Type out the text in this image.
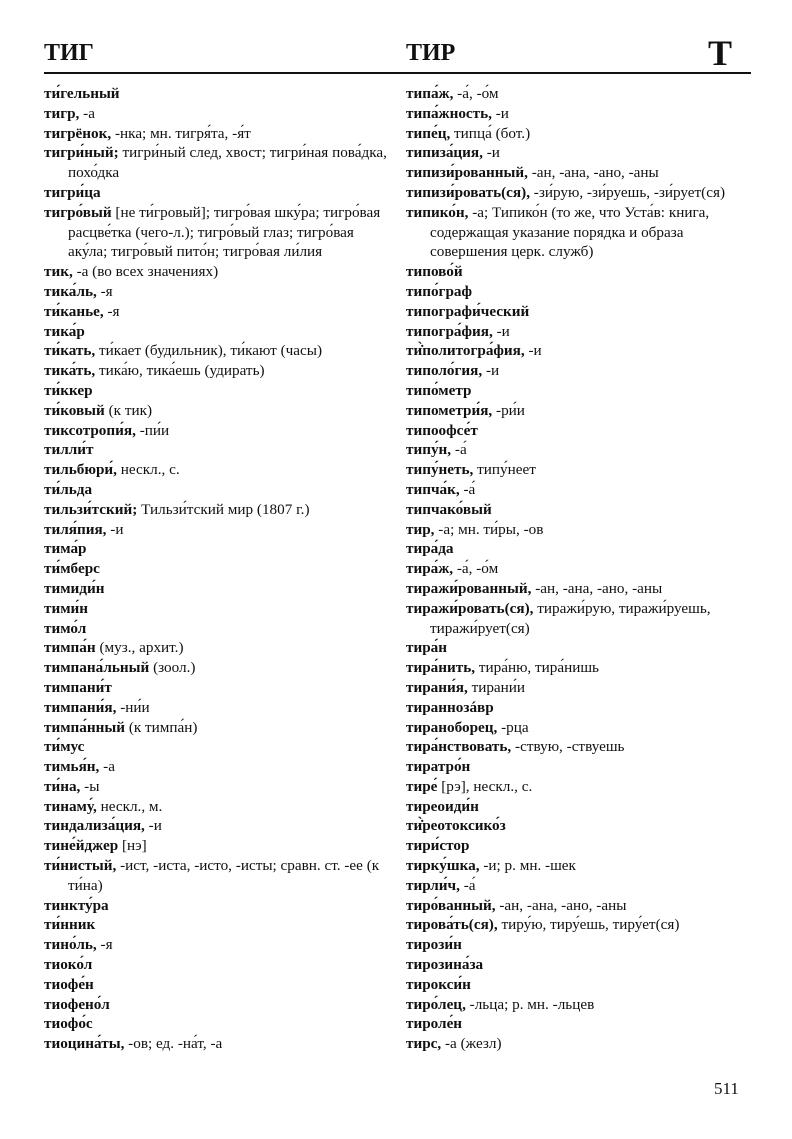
ТИГ	ТИР	Т
ти́гельный
тигр, -а
тигрёнок, -нка; мн. тигря́та, -я́т
тигри́ный; тигри́ный след, хвост; тигри́ная пова́дка, похо́дка
тигри́ца
тигро́вый [не ти́гровый]; тигро́вая шку́ра; тигро́вая расцве́тка (чего-л.); тигро́вый глаз; тигро́вая аку́ла; тигро́вый пито́н; тигро́вая ли́лия
тик, -а (во всех значениях)
тика́ль, -я
ти́канье, -я
тика́р
ти́кать, ти́кает (будильник), ти́кают (часы)
тика́ть, тика́ю, тика́ешь (удирать)
ти́ккер
ти́ковый (к тик)
тиксотропи́я, -пи́и
тилли́т
тильбюри́, нескл., с.
ти́льда
тильзи́тский; Тильзи́тский мир (1807 г.)
тиля́пия, -и
тима́р
ти́мберс
тимиди́н
тими́н
тимо́л
тимпа́н (муз., архит.)
тимпана́льный (зоол.)
тимпани́т
тимпани́я, -ни́и
тимпа́нный (к тимпа́н)
ти́мус
тимья́н, -а
ти́на, -ы
тинаму́, нескл., м.
тиндализа́ция, -и
тине́йджер [нэ]
ти́нистый, -ист, -иста, -исто, -исты; сравн. ст. -ее (к ти́на)
тинкту́ра
ти́нник
тино́ль, -я
тиоко́л
тиофе́н
тиофено́л
тиофо́с
тиоцина́ты, -ов; ед. -на́т, -а
типа́ж, -а́, -о́м
типа́жность, -и
типе́ц, типца́ (бот.)
типиза́ция, -и
типизи́рованный, -ан, -ана, -ано, -аны
типизи́ровать(ся), -зи́рую, -зи́руешь, -зи́рует(ся)
типико́н, -а; Типико́н (то же, что Уста́в: книга, содержащая указание порядка и образа совершения церк. служб)
типово́й
типо́граф
типографи́ческий
типогра́фия, -и
ти̇̀политогра́фия, -и
типоло́гия, -и
типо́метр
типометри́я, -ри́и
типоофсе́т
типу́н, -а́
типу́неть, типу́неет
типча́к, -а́
типчако́вый
тир, -а; мн. ти́ры, -ов
тира́да
тира́ж, -а́, -о́м
тиражи́рованный, -ан, -ана, -ано, -аны
тиражи́ровать(ся), тиражи́рую, тиражи́руешь, тиражи́рует(ся)
тира́н
тира́нить, тира́ню, тира́нишь
тирани́я, тирани́и
тираннозáвр
тираноборец, -рца
тира́нствовать, -ствую, -ствуешь
тиратро́н
тире́ [рэ], нескл., с.
тиреоиди́н
ти̇̀реотоксико́з
тири́стор
тирку́шка, -и; р. мн. -шек
тирли́ч, -а́
тиро́ванный, -ан, -ана, -ано, -аны
тирова́ть(ся), тиру́ю, тиру́ешь, тиру́ет(ся)
тирози́н
тирозина́за
тирокси́н
тиро́лец, -льца; р. мн. -льцев
тироле́н
тирс, -а (жезл)
511
